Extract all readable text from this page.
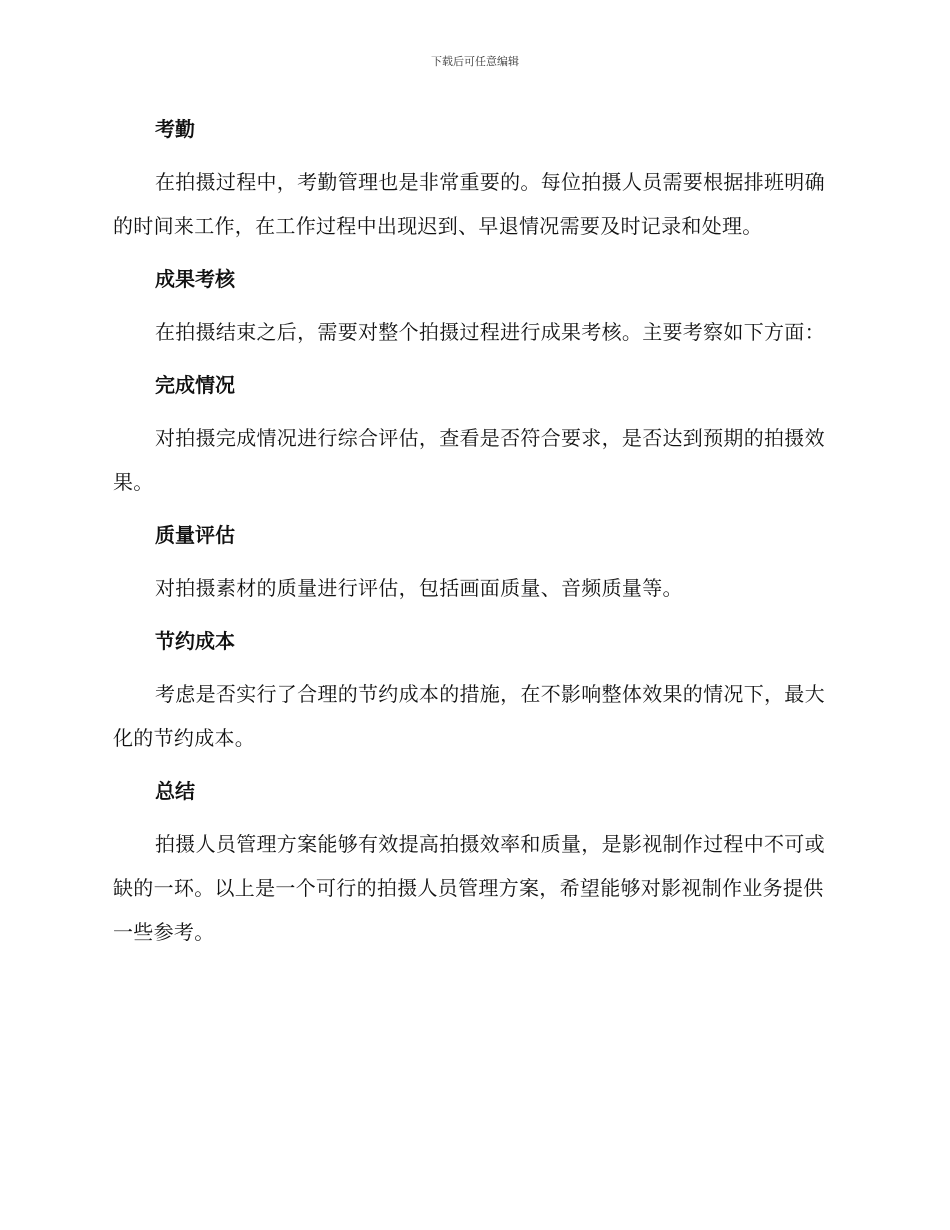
下载后可任意编辑
考勤
在拍摄过程中，考勤管理也是非常重要的。每位拍摄人员需要根据排班明确的时间来工作，在工作过程中出现迟到、早退情况需要及时记录和处理。
成果考核
在拍摄结束之后，需要对整个拍摄过程进行成果考核。主要考察如下方面：
完成情况
对拍摄完成情况进行综合评估，查看是否符合要求，是否达到预期的拍摄效果。
质量评估
对拍摄素材的质量进行评估，包括画面质量、音频质量等。
节约成本
考虑是否实行了合理的节约成本的措施，在不影响整体效果的情况下，最大化的节约成本。
总结
拍摄人员管理方案能够有效提高拍摄效率和质量，是影视制作过程中不可或缺的一环。以上是一个可行的拍摄人员管理方案，希望能够对影视制作业务提供一些参考。
